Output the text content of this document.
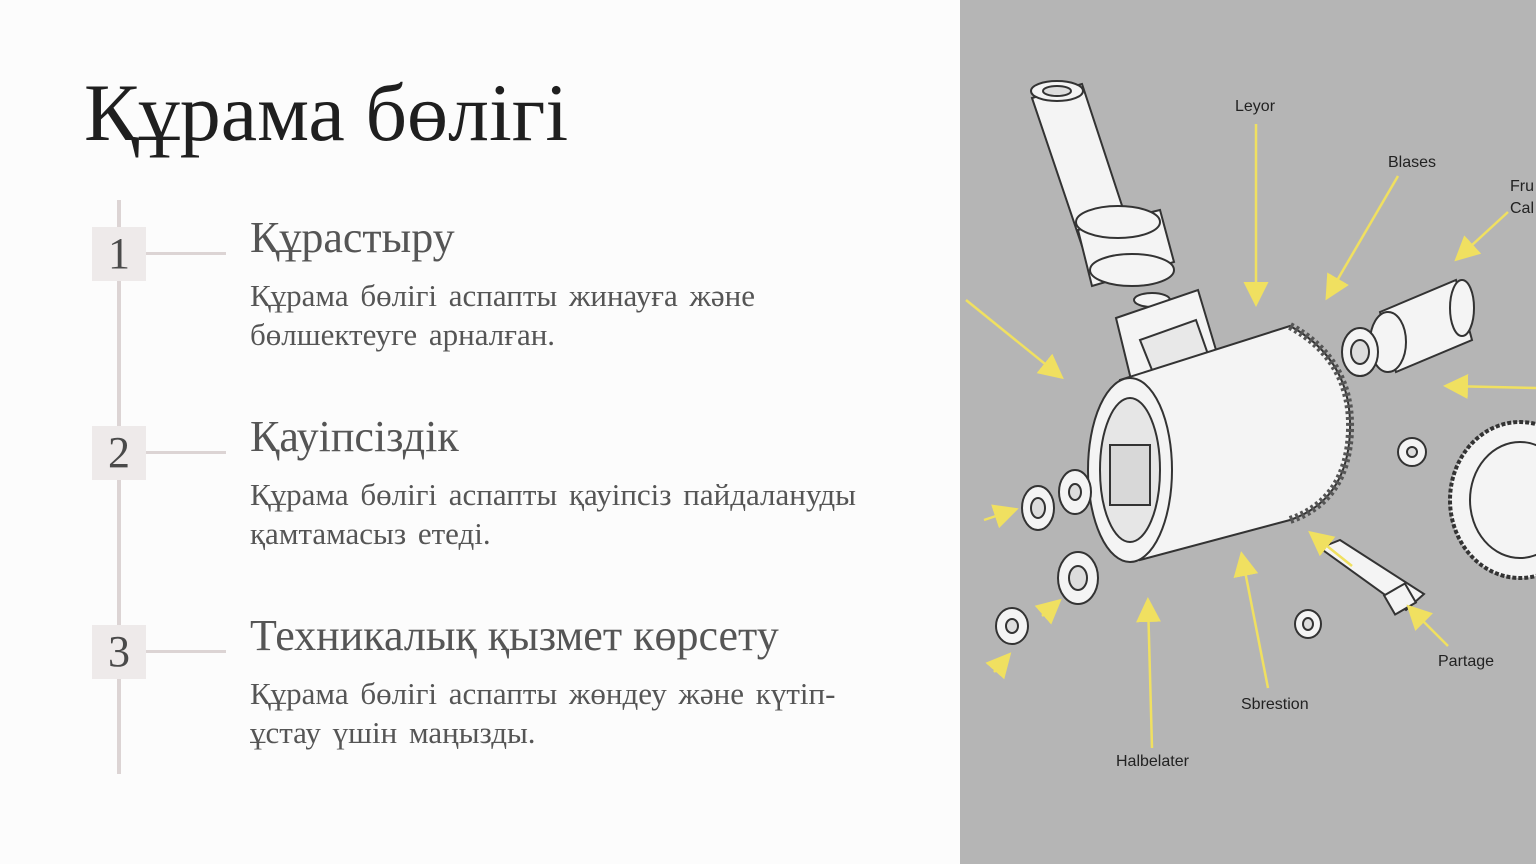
Құрама бөлігі
1	Құрастыру
Құрама бөлігі аспапты жинауға және бөлшектеуге арналған.
2	Қауіпсіздік
Құрама бөлігі аспапты қауіпсіз пайдалануды қамтамасыз етеді.
3	Техникалық қызмет көрсету
Құрама бөлігі аспапты жөндеу және күтіп-ұстау үшін маңызды.
Leyor
Blases
Fru
Cal
Partage
Sbrestion
Halbelater
